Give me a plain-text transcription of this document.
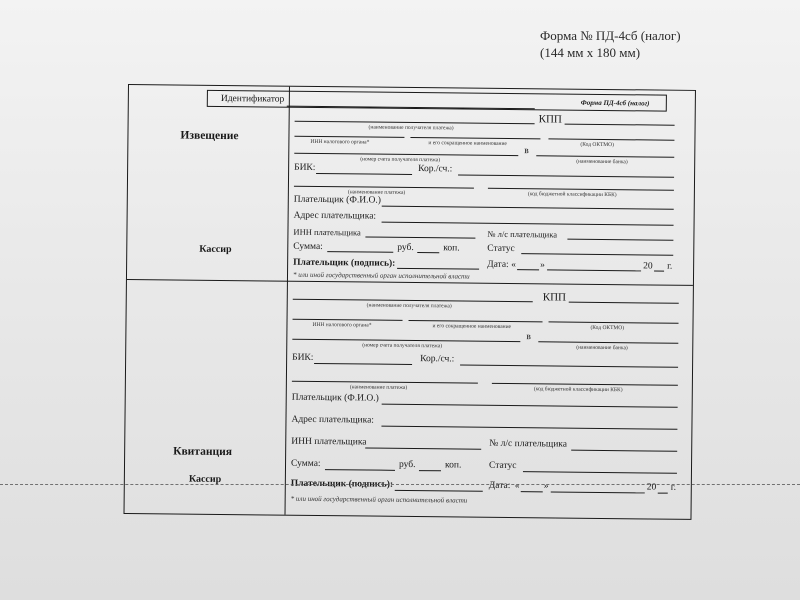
Форма № ПД-4сб (налог)
(144 мм х 180 мм)
Идентификатор	Форма ПД-4сб (налог)
Извещение
Кассир
КПП
(наименование получателя платежа)
ИНН налогового органа*	и его сокращенное наименование	(Код ОКТМО)
в
(номер счета получателя платежа)	(наименование банка)
БИК:	Кор./сч.:
(наименование платежа)	(код бюджетной классификации КБК)
Плательщик (Ф.И.О.)
Адрес плательщика:
ИНН плательщика	№ л/с плательщика
Сумма:	руб.	коп.	Статус
Плательщик (подпись):	Дата: «	»	20 г.
* или иной государственный орган исполнительной власти
Квитанция
Кассир
КПП
(наименование получателя платежа)
ИНН налогового органа*	и его сокращенное наименование	(Код ОКТМО)
в
(номер счета получателя платежа)	(наименование банка)
БИК:	Кор./сч.:
(наименование платежа)	(код бюджетной классификации КБК)
Плательщик (Ф.И.О.)
Адрес плательщика:
ИНН плательщика	№ л/с плательщика
Сумма:	руб.	коп.	Статус
Плательщик (подпись):	Дата: «	»	20 г.
* или иной государственный орган исполнительной власти
